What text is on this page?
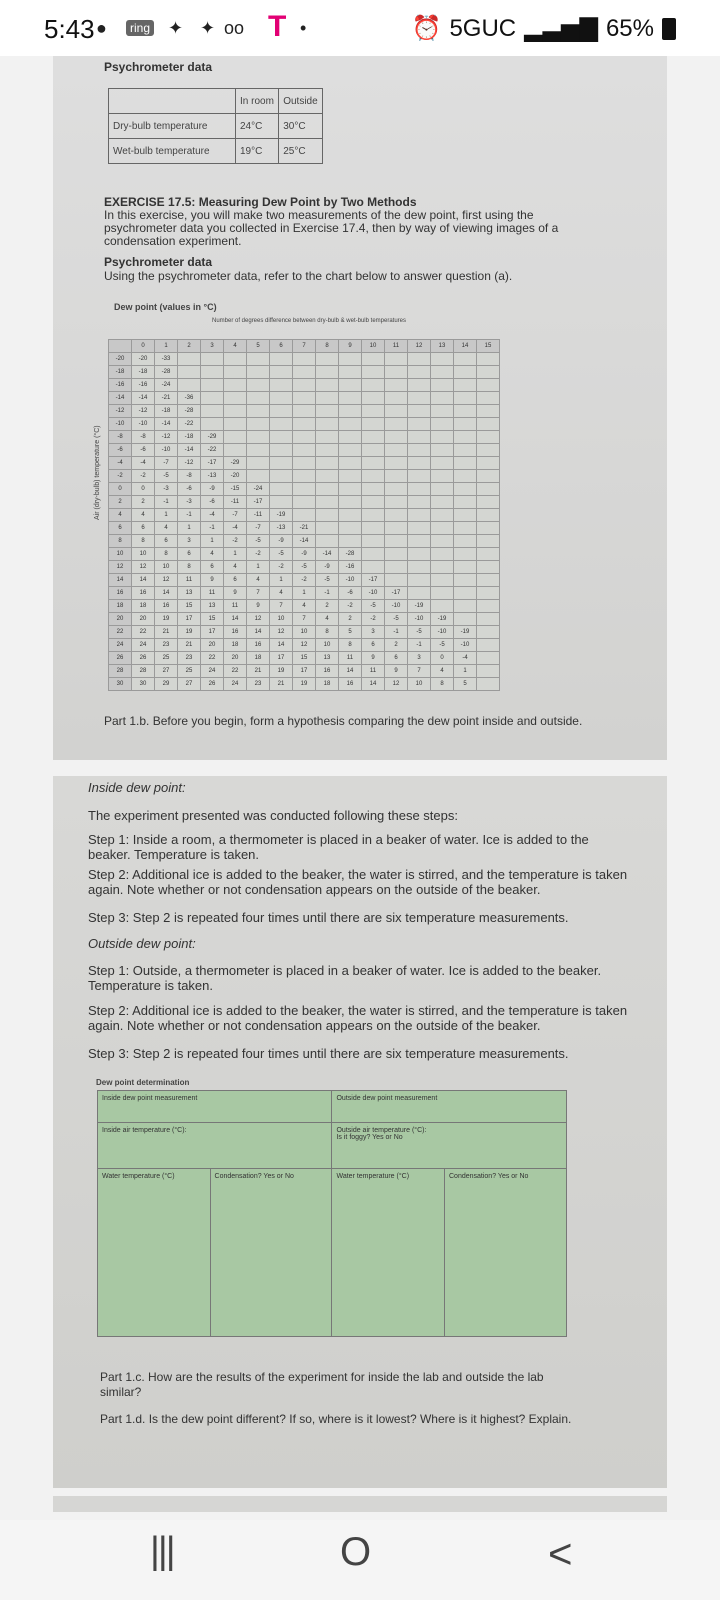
5:43 ●	ring ✦ ✦ oo T •	⏰ 5GUC ▂▃▅▇ 65%
Psychrometer data
	In room	Outside
Dry-bulb temperature	24°C	30°C
Wet-bulb temperature	19°C	25°C
EXERCISE 17.5: Measuring Dew Point by Two Methods
In this exercise, you will make two measurements of the dew point, first using the psychrometer data you collected in Exercise 17.4, then by way of viewing images of a condensation experiment.
Psychrometer data
Using the psychrometer data, refer to the chart below to answer question (a).
Dew point (values in °C)
Number of degrees difference between dry-bulb & wet-bulb temperatures
Air (dry-bulb) temperature (°C)
	0	1	2	3	4	5	6	7	8	9	10	11	12	13	14	15
-20	-20	-33														
-18	-18	-28														
-16	-16	-24														
-14	-14	-21	-36													
-12	-12	-18	-28													
-10	-10	-14	-22													
-8	-8	-12	-18	-29												
-6	-6	-10	-14	-22												
-4	-4	-7	-12	-17	-29											
-2	-2	-5	-8	-13	-20											
0	0	-3	-6	-9	-15	-24										
2	2	-1	-3	-6	-11	-17										
4	4	1	-1	-4	-7	-11	-19									
6	6	4	1	-1	-4	-7	-13	-21								
8	8	6	3	1	-2	-5	-9	-14								
10	10	8	6	4	1	-2	-5	-9	-14	-28						
12	12	10	8	6	4	1	-2	-5	-9	-16						
14	14	12	11	9	6	4	1	-2	-5	-10	-17					
16	16	14	13	11	9	7	4	1	-1	-6	-10	-17				
18	18	16	15	13	11	9	7	4	2	-2	-5	-10	-19			
20	20	19	17	15	14	12	10	7	4	2	-2	-5	-10	-19		
22	22	21	19	17	16	14	12	10	8	5	3	-1	-5	-10	-19	
24	24	23	21	20	18	16	14	12	10	8	6	2	-1	-5	-10	
26	26	25	23	22	20	18	17	15	13	11	9	6	3	0	-4	
28	28	27	25	24	22	21	19	17	16	14	11	9	7	4	1	
30	30	29	27	26	24	23	21	19	18	16	14	12	10	8	5	
Part 1.b. Before you begin, form a hypothesis comparing the dew point inside and outside.
Inside dew point:
The experiment presented was conducted following these steps:
Step 1: Inside a room, a thermometer is placed in a beaker of water. Ice is added to the beaker. Temperature is taken.
Step 2: Additional ice is added to the beaker, the water is stirred, and the temperature is taken again. Note whether or not condensation appears on the outside of the beaker.
Step 3: Step 2 is repeated four times until there are six temperature measurements.
Outside dew point:
Step 1: Outside, a thermometer is placed in a beaker of water. Ice is added to the beaker. Temperature is taken.
Step 2: Additional ice is added to the beaker, the water is stirred, and the temperature is taken again. Note whether or not condensation appears on the outside of the beaker.
Step 3: Step 2 is repeated four times until there are six temperature measurements.
Dew point determination
Inside dew point measurement		Outside dew point measurement	
Inside air temperature (°C):		Outside air temperature (°C):
Is it foggy? Yes or No	

Water temperature (°C)	Condensation? Yes or No	Water temperature (°C)	Condensation? Yes or No
Part 1.c. How are the results of the experiment for inside the lab and outside the lab similar?
Part 1.d. Is the dew point different? If so, where is it lowest? Where is it highest? Explain.
|||	O	<
